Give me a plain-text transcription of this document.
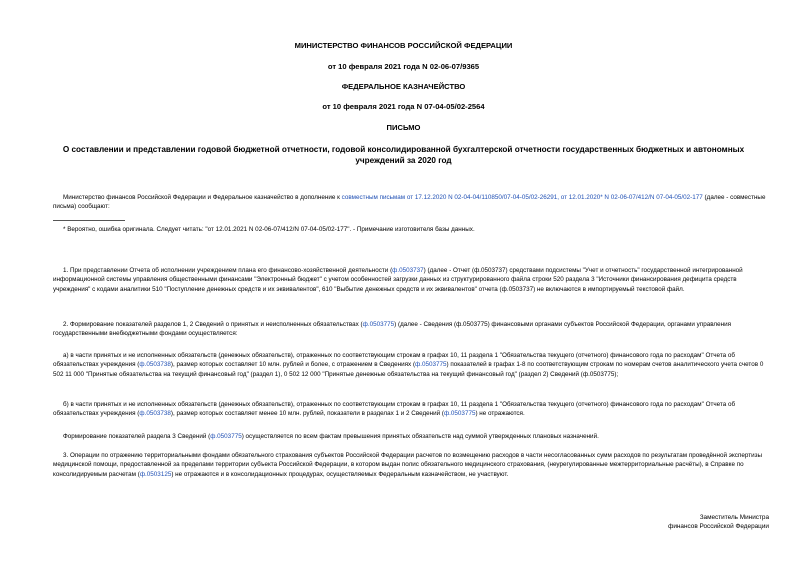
МИНИСТЕРСТВО ФИНАНСОВ РОССИЙСКОЙ ФЕДЕРАЦИИ
от 10 февраля 2021 года N 02-06-07/9365
ФЕДЕРАЛЬНОЕ КАЗНАЧЕЙСТВО
от 10 февраля 2021 года N 07-04-05/02-2564
ПИСЬМО
О составлении и представлении годовой бюджетной отчетности, годовой консолидированной бухгалтерской отчетности государственных бюджетных и автономных учреждений за 2020 год
Министерство финансов Российской Федерации и Федеральное казначейство в дополнение к совместным письмам от 17.12.2020 N 02-04-04/110850/07-04-05/02-26291, от 12.01.2020* N 02-06-07/412/N 07-04-05/02-177 (далее - совместные письма) сообщают:
* Вероятно, ошибка оригинала. Следует читать: "от 12.01.2021 N 02-06-07/412/N 07-04-05/02-177". - Примечание изготовителя базы данных.
1. При представлении Отчета об исполнении учреждением плана его финансово-хозяйственной деятельности (ф.0503737) (далее - Отчет (ф.0503737) средствами подсистемы "Учет и отчетность" государственной интегрированной информационной системы управления общественными финансами "Электронный бюджет" с учетом особенностей загрузки данных из структурированного файла строки 520 раздела 3 "Источники финансирования дефицита средств учреждения" с кодами аналитики 510 "Поступление денежных средств и их эквивалентов", 610 "Выбытие денежных средств и их эквивалентов" отчета (ф.0503737) не включаются в импортируемый текстовой файл.
2. Формирование показателей разделов 1, 2 Сведений о принятых и неисполненных обязательствах (ф.0503775) (далее - Сведения (ф.0503775) финансовыми органами субъектов Российской Федерации, органами управления государственными внебюджетными фондами осуществляется:
а) в части принятых и не исполненных обязательств (денежных обязательств), отраженных по соответствующим строкам в графах 10, 11 раздела 1 "Обязательства текущего (отчетного) финансового года по расходам" Отчета об обязательствах учреждения (ф.0503738), размер которых составляет 10 млн. рублей и более, с отражением в Сведениях (ф.0503775) показателей в графах 1-8 по соответствующим строкам по номерам счетов аналитического учета счетов 0 502 11 000 "Принятые обязательства на текущий финансовый год" (раздел 1), 0 502 12 000 "Принятые денежные обязательства на текущий финансовый год" (раздел 2) Сведений (ф.0503775);
б) в части принятых и не исполненных обязательств (денежных обязательств), отраженных по соответствующим строкам в графах 10, 11 раздела 1 "Обязательства текущего (отчетного) финансового года по расходам" Отчета об обязательствах учреждения (ф.0503738), размер которых составляет менее 10 млн. рублей, показатели в разделах 1 и 2 Сведений (ф.0503775) не отражаются.
Формирование показателей раздела 3 Сведений (ф.0503775) осуществляется по всем фактам превышения принятых обязательств над суммой утвержденных плановых назначений.
3. Операции по отражению территориальными фондами обязательного страхования субъектов Российской Федерации расчетов по возмещению расходов в части несогласованных сумм расходов по результатам проведённой экспертизы медицинской помощи, предоставленной за пределами территории субъекта Российской Федерации, в котором выдан полис обязательного медицинского страхования, (неурегулированные межтерриториальные расчёты), в Справке по консолидируемым расчетам (ф.0503125) не отражаются и в консолидационных процедурах, осуществляемых Федеральным казначейством, не участвуют.
Заместитель Министра
финансов Российской Федерации
